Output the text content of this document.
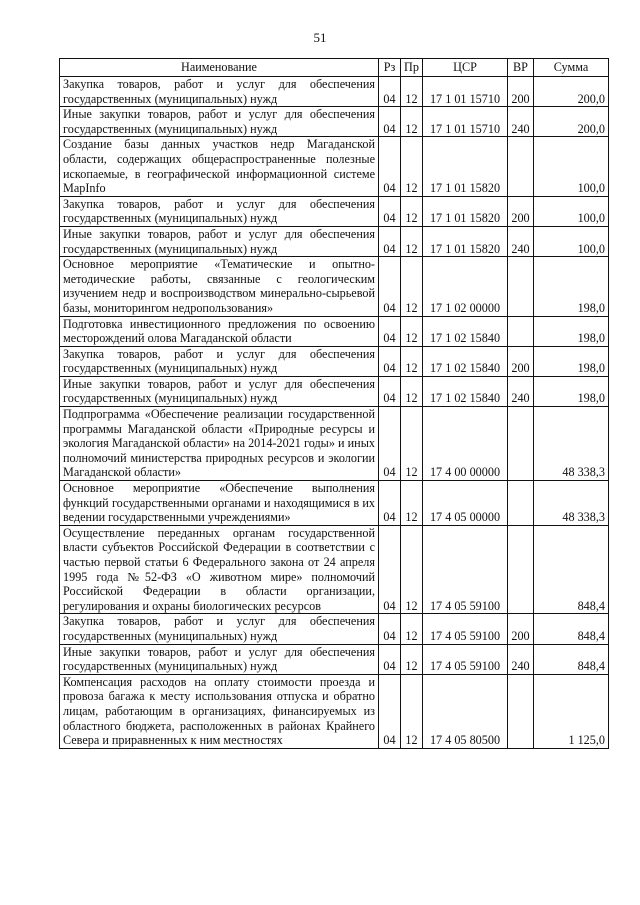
51
Наименование	Рз	Пр	ЦСР	ВР	Сумма
Закупка товаров, работ и услуг для обеспечения государственных (муниципальных) нужд	04	12	17 1 01 15710	200	200,0
Иные закупки товаров, работ и услуг для обеспечения государственных (муниципальных) нужд	04	12	17 1 01 15710	240	200,0
Создание базы данных участков недр Магаданской области, содержащих общераспространенные полезные ископаемые, в географической информационной системе MapInfo	04	12	17 1 01 15820		100,0
Закупка товаров, работ и услуг для обеспечения государственных (муниципальных) нужд	04	12	17 1 01 15820	200	100,0
Иные закупки товаров, работ и услуг для обеспечения государственных (муниципальных) нужд	04	12	17 1 01 15820	240	100,0
Основное мероприятие «Тематические и опытно-методические работы, связанные с геологическим изучением недр и воспроизводством минерально-сырьевой базы, мониторингом недропользования»	04	12	17 1 02 00000		198,0
Подготовка инвестиционного предложения по освоению месторождений олова Магаданской области	04	12	17 1 02 15840		198,0
Закупка товаров, работ и услуг для обеспечения государственных (муниципальных) нужд	04	12	17 1 02 15840	200	198,0
Иные закупки товаров, работ и услуг для обеспечения государственных (муниципальных) нужд	04	12	17 1 02 15840	240	198,0
Подпрограмма «Обеспечение реализации государственной программы Магаданской области «Природные ресурсы и экология Магаданской области» на 2014-2021 годы» и иных полномочий министерства природных ресурсов и экологии Магаданской области»	04	12	17 4 00 00000		48 338,3
Основное мероприятие «Обеспечение выполнения функций государственными органами и находящимися в их ведении государственными учреждениями»	04	12	17 4 05 00000		48 338,3
Осуществление переданных органам государственной власти субъектов Российской Федерации в соответствии с частью первой статьи 6 Федерального закона от 24 апреля 1995 года №52-ФЗ «О животном мире» полномочий Российской Федерации в области организации, регулирования и охраны биологических ресурсов	04	12	17 4 05 59100		848,4
Закупка товаров, работ и услуг для обеспечения государственных (муниципальных) нужд	04	12	17 4 05 59100	200	848,4
Иные закупки товаров, работ и услуг для обеспечения государственных (муниципальных) нужд	04	12	17 4 05 59100	240	848,4
Компенсация расходов на оплату стоимости проезда и провоза багажа к месту использования отпуска и обратно лицам, работающим в организациях, финансируемых из областного бюджета, расположенных в районах Крайнего Севера и приравненных к ним местностях	04	12	17 4 05 80500		1 125,0
